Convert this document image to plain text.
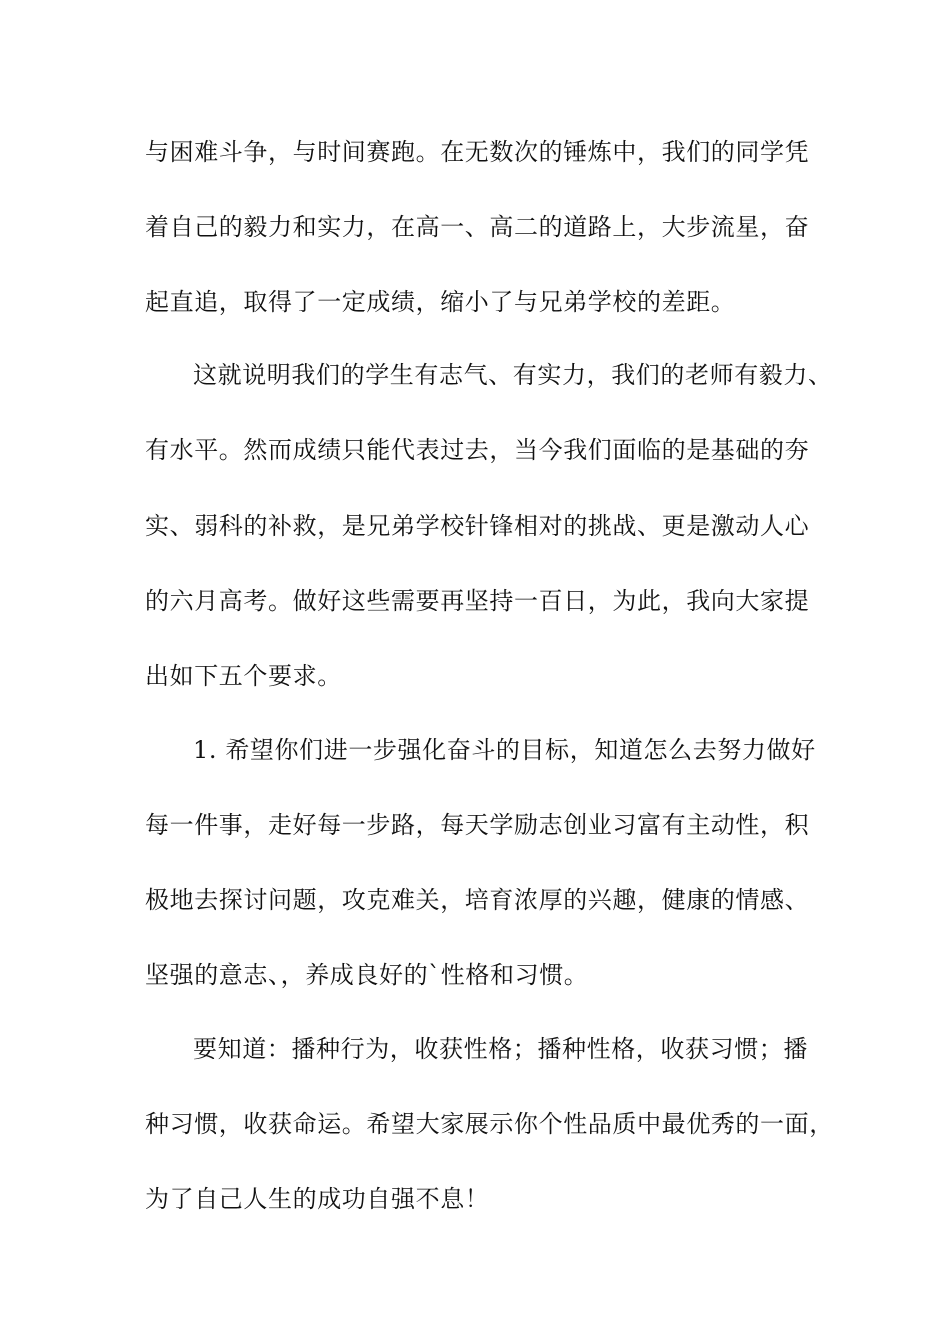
与困难斗争，与时间赛跑。在无数次的锤炼中，我们的同学凭
着自己的毅力和实力，在高一、高二的道路上，大步流星，奋
起直追，取得了一定成绩，缩小了与兄弟学校的差距。
这就说明我们的学生有志气、有实力，我们的老师有毅力、
有水平。然而成绩只能代表过去，当今我们面临的是基础的夯
实、弱科的补救，是兄弟学校针锋相对的挑战、更是激动人心
的六月高考。做好这些需要再坚持一百日，为此，我向大家提
出如下五个要求。
1. 希望你们进一步强化奋斗的目标，知道怎么去努力做好
每一件事，走好每一步路，每天学励志创业习富有主动性，积
极地去探讨问题，攻克难关，培育浓厚的兴趣，健康的情感、
坚强的意志、，养成良好的`性格和习惯。
要知道：播种行为，收获性格；播种性格，收获习惯；播
种习惯，收获命运。希望大家展示你个性品质中最优秀的一面，
为了自己人生的成功自强不息！
